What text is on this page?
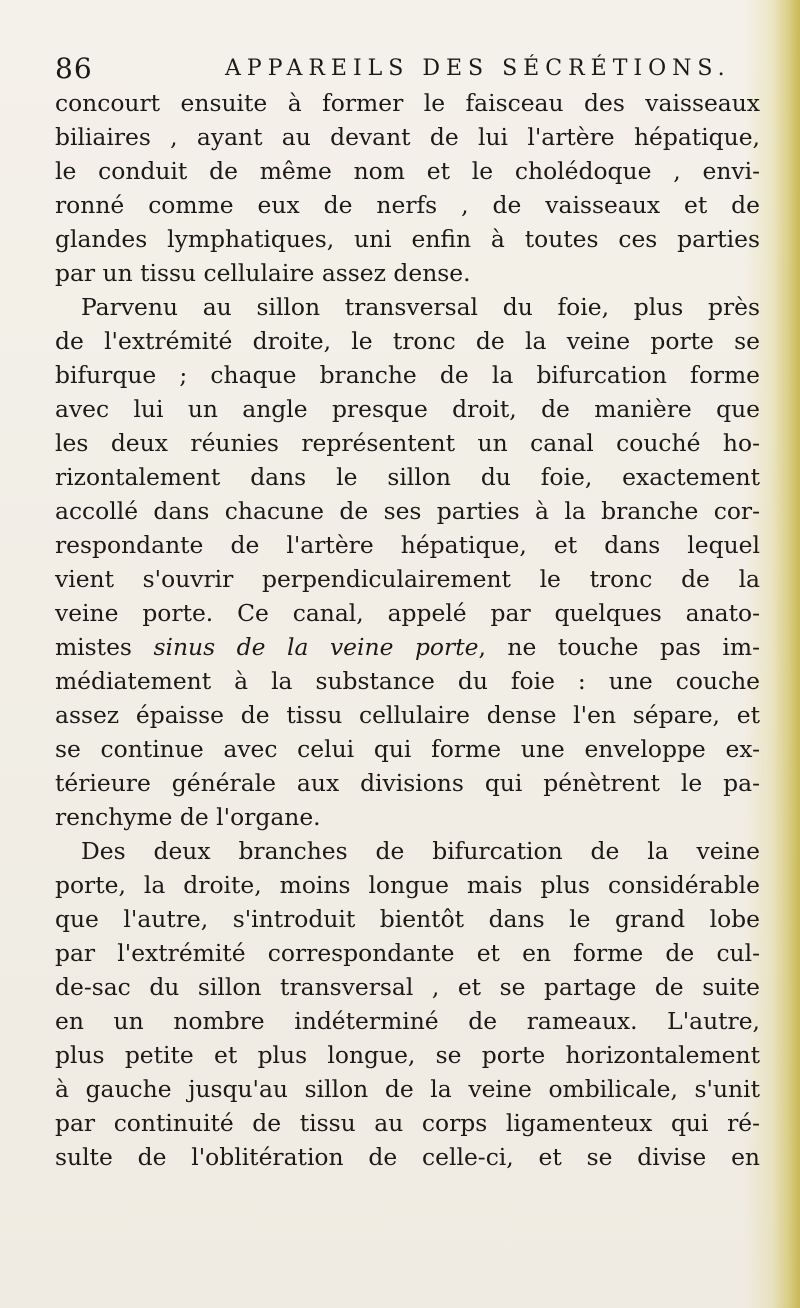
86	APPAREILS DES SÉCRÉTIONS.
concourt ensuite à former le faisceau des vaisseaux
biliaires , ayant au devant de lui l'artère hépatique,
le conduit de même nom et le cholédoque , envi-
ronné comme eux de nerfs , de vaisseaux et de
glandes lymphatiques, uni enfin à toutes ces parties
par un tissu cellulaire assez dense.
Parvenu au sillon transversal du foie, plus près
de l'extrémité droite, le tronc de la veine porte se
bifurque ; chaque branche de la bifurcation forme
avec lui un angle presque droit, de manière que
les deux réunies représentent un canal couché ho-
rizontalement dans le sillon du foie, exactement
accollé dans chacune de ses parties à la branche cor-
respondante de l'artère hépatique, et dans lequel
vient s'ouvrir perpendiculairement le tronc de la
veine porte. Ce canal, appelé par quelques anato-
mistes sinus de la veine porte, ne touche pas im-
médiatement à la substance du foie : une couche
assez épaisse de tissu cellulaire dense l'en sépare, et
se continue avec celui qui forme une enveloppe ex-
térieure générale aux divisions qui pénètrent le pa-
renchyme de l'organe.
Des deux branches de bifurcation de la veine
porte, la droite, moins longue mais plus considérable
que l'autre, s'introduit bientôt dans le grand lobe
par l'extrémité correspondante et en forme de cul-
de-sac du sillon transversal , et se partage de suite
en un nombre indéterminé de rameaux. L'autre,
plus petite et plus longue, se porte horizontalement
à gauche jusqu'au sillon de la veine ombilicale, s'unit
par continuité de tissu au corps ligamenteux qui ré-
sulte de l'oblitération de celle-ci, et se divise en
